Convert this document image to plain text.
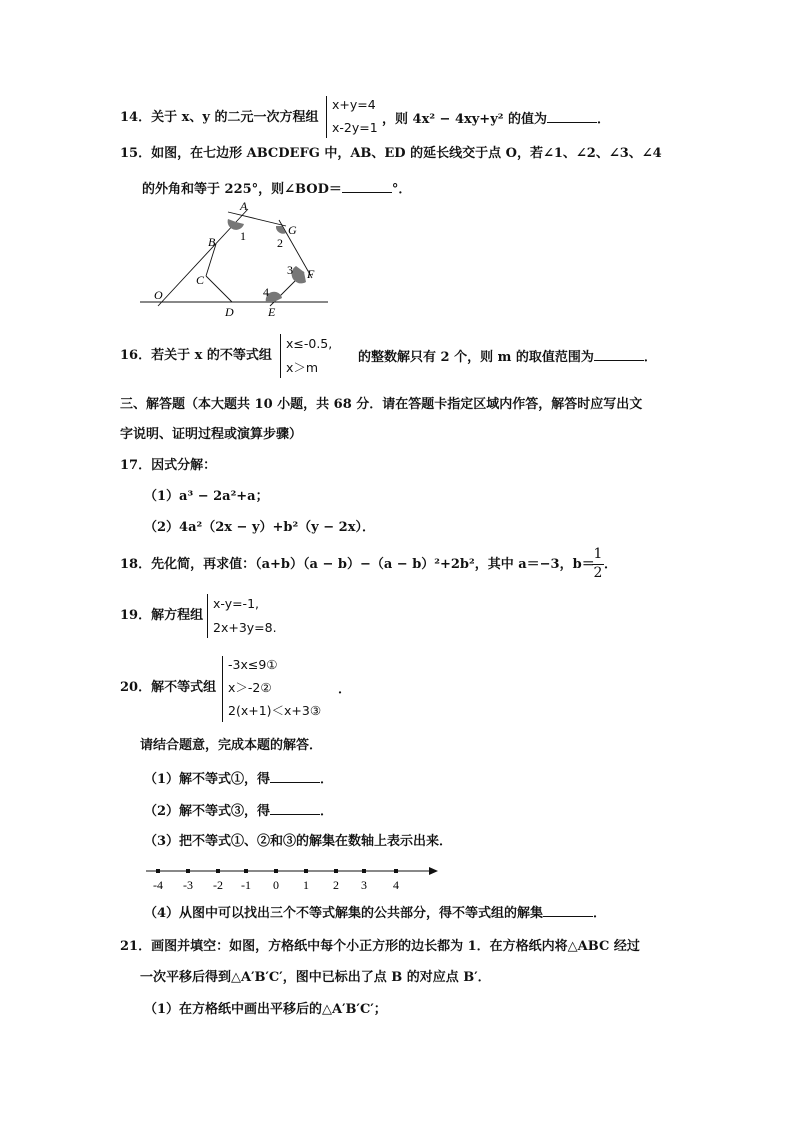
14．关于 x、y 的二元一次方程组
x+y=4
x-2y=1
，则 4x² − 4xy+y² 的值为	．
15．如图，在七边形 ABCDEFG 中，AB、ED 的延长线交于点 O，若∠1、∠2、∠3、∠4
的外角和等于 225°，则∠BOD＝	°．
A
1	G
2
B
C
3 F
4
O
D	E
16．若关于 x 的不等式组
x≤-0.5,
x＞m
的整数解只有 2 个，则 m 的取值范围为	．
三、解答题（本大题共 10 小题，共 68 分．请在答题卡指定区域内作答，解答时应写出文
字说明、证明过程或演算步骤）
17．因式分解：
（1）a³ − 2a²+a；
（2）4a²（2x − y）+b²（y − 2x）．
18．先化简，再求值：（a+b）（a − b）−（a − b）²+2b²，其中 a＝−3，b＝
1
2
．
19．解方程组
x-y=-1,
2x+3y=8.
20．解不等式组
-3x≤9①
x＞-2②
2(x+1)＜x+3③
．
请结合题意，完成本题的解答．
（1）解不等式①，得	．
（2）解不等式③，得	．
（3）把不等式①、②和③的解集在数轴上表示出来．
-4 -3 -2 -1 0 1 2 3 4
（4）从图中可以找出三个不等式解集的公共部分，得不等式组的解集	．
21．画图并填空：如图，方格纸中每个小正方形的边长都为 1．在方格纸内将△ABC 经过
一次平移后得到△A′B′C′，图中已标出了点 B 的对应点 B′．
（1）在方格纸中画出平移后的△A′B′C′；
